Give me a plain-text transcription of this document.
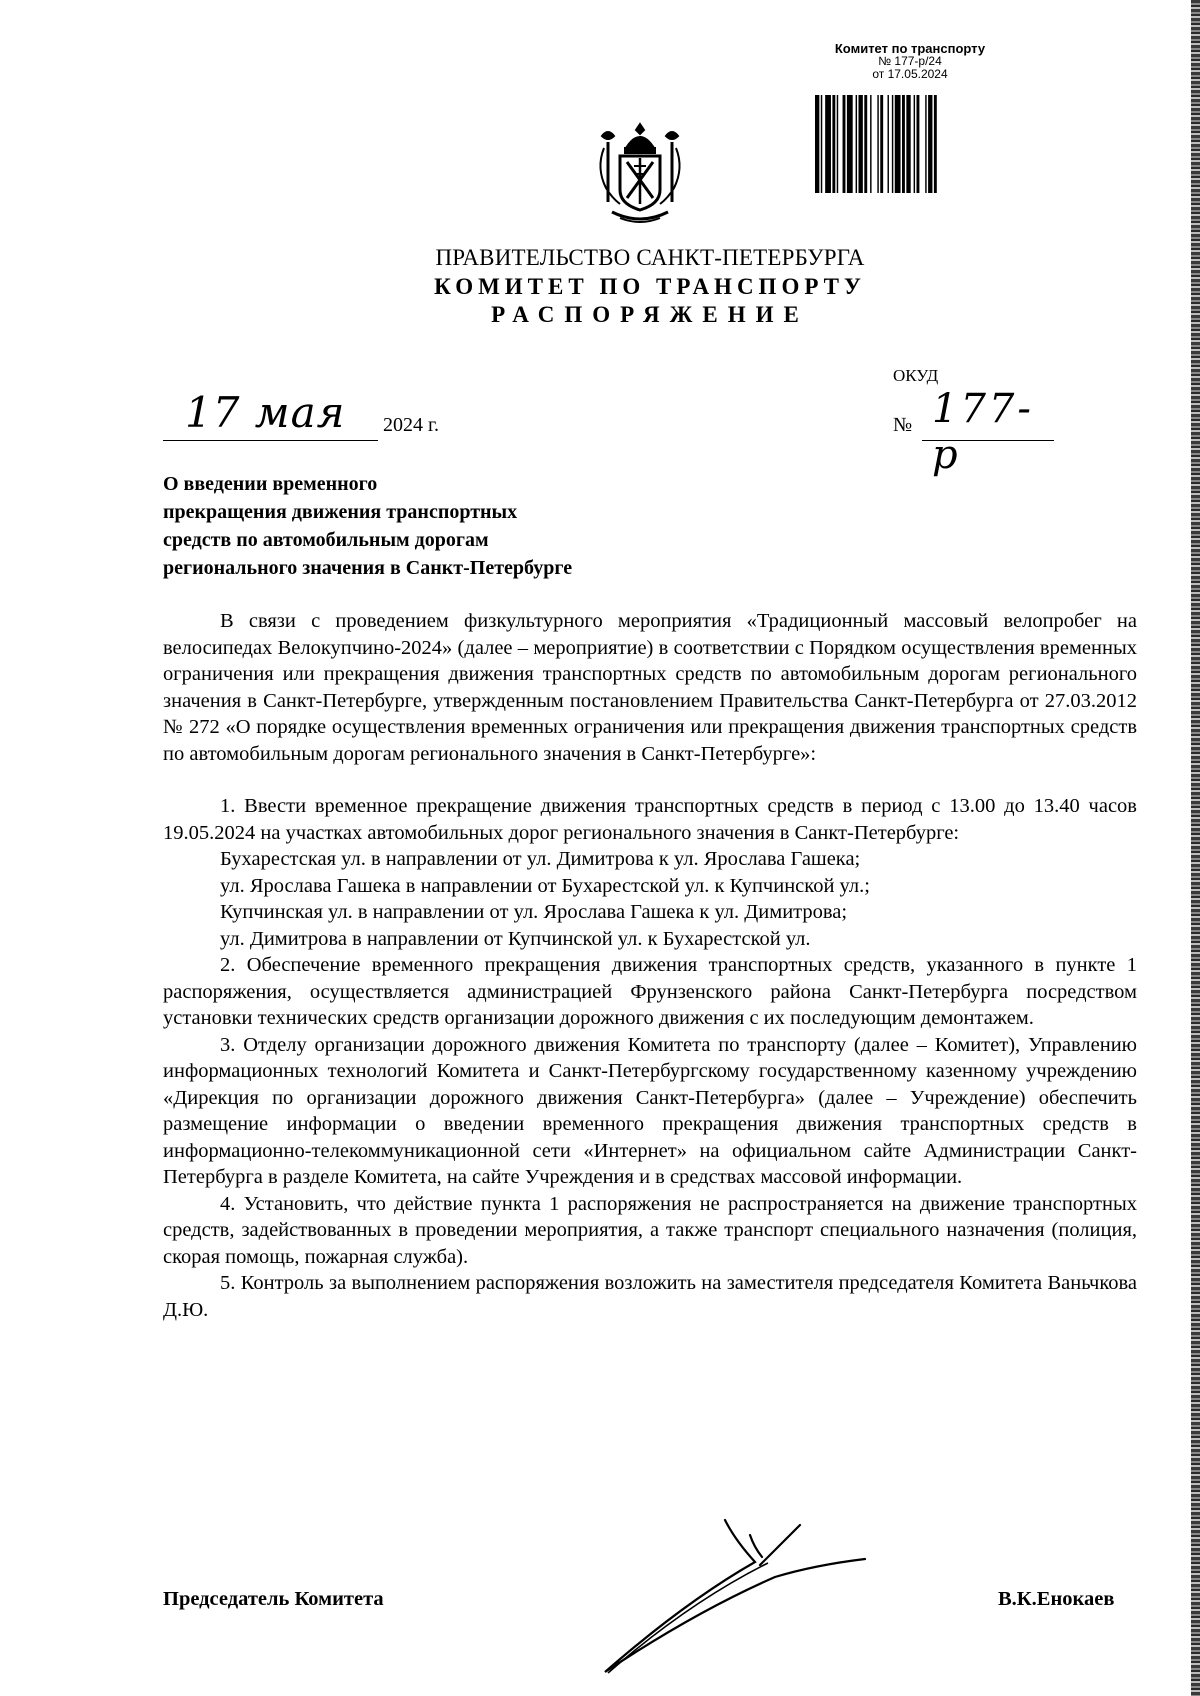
Комитет по транспорту
№ 177-р/24
от 17.05.2024
ПРАВИТЕЛЬСТВО САНКТ-ПЕТЕРБУРГА
КОМИТЕТ ПО ТРАНСПОРТУ
РАСПОРЯЖЕНИЕ
ОКУД
17 мая 2024 г.	№ 177-р
О введении временного
прекращения движения транспортных
средств по автомобильным дорогам
регионального значения в Санкт-Петербурге

В связи с проведением физкультурного мероприятия «Традиционный массовый велопробег на велосипедах Велокупчино-2024» (далее – мероприятие) в соответствии с Порядком осуществления временных ограничения или прекращения движения транспортных средств по автомобильным дорогам регионального значения в Санкт-Петербурге, утвержденным постановлением Правительства Санкт-Петербурга от 27.03.2012 № 272 «О порядке осуществления временных ограничения или прекращения движения транспортных средств по автомобильным дорогам регионального значения в Санкт-Петербурге»:

1. Ввести временное прекращение движения транспортных средств в период с 13.00 до 13.40 часов 19.05.2024 на участках автомобильных дорог регионального значения в Санкт-Петербурге:

Бухарестская ул. в направлении от ул. Димитрова к ул. Ярослава Гашека;

ул. Ярослава Гашека в направлении от Бухарестской ул. к Купчинской ул.;

Купчинская ул. в направлении от ул. Ярослава Гашека к ул. Димитрова;

ул. Димитрова в направлении от Купчинской ул. к Бухарестской ул.

2. Обеспечение временного прекращения движения транспортных средств, указанного в пункте 1 распоряжения, осуществляется администрацией Фрунзенского района Санкт-Петербурга посредством установки технических средств организации дорожного движения с их последующим демонтажем.

3. Отделу организации дорожного движения Комитета по транспорту (далее – Комитет), Управлению информационных технологий Комитета и Санкт-Петербургскому государственному казенному учреждению «Дирекция по организации дорожного движения Санкт-Петербурга» (далее – Учреждение) обеспечить размещение информации о введении временного прекращения движения транспортных средств в информационно-телекоммуникационной сети «Интернет» на официальном сайте Администрации Санкт-Петербурга в разделе Комитета, на сайте Учреждения и в средствах массовой информации.

4. Установить, что действие пункта 1 распоряжения не распространяется на движение транспортных средств, задействованных в проведении мероприятия, а также транспорт специального назначения (полиция, скорая помощь, пожарная служба).

5. Контроль за выполнением распоряжения возложить на заместителя председателя Комитета Ваньчкова Д.Ю.

Председатель Комитета	В.К.Енокаев
